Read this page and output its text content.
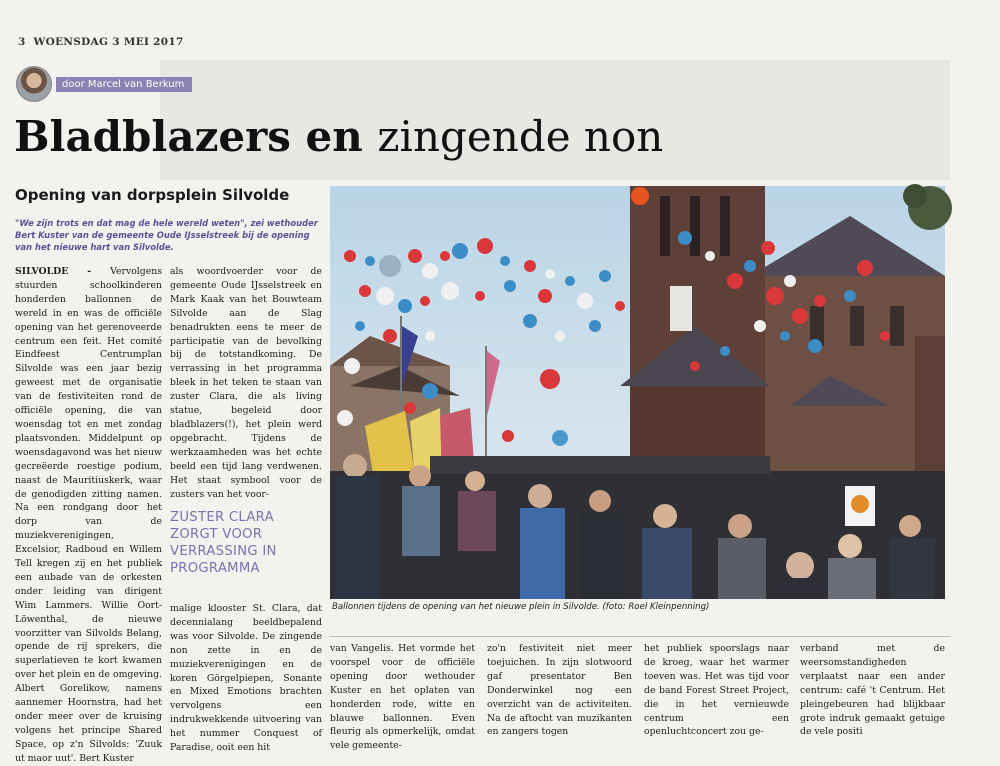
3 WOENSDAG 3 MEI 2017
door Marcel van Berkum
Bladblazers en zingende non
Opening van dorpsplein Silvolde
"We zijn trots en dat mag de hele wereld weten", zei wethouder Bert Kuster van de gemeente Oude IJsselstreek bij de opening van het nieuwe hart van Silvolde.
SILVOLDE - Vervolgens stuurden schoolkinderen honderden ballonnen de wereld in en was de officiële opening van het gerenoveerde centrum een feit. Het comité Eindfeest Centrumplan Silvolde was een jaar bezig geweest met de organisatie van de festiviteiten rond de officiële opening, die van woensdag tot en met zondag plaatsvonden. Middelpunt op woensdagavond was het nieuw gecreëerde roestige podium, naast de Mauritiuskerk, waar de genodigden zitting namen. Na een rondgang door het dorp van de muziekverenigingen, Excelsior, Radboud en Willem Tell kregen zij en het publiek een aubade van de orkesten onder leiding van dirigent Wim Lammers. Willie Oort-Löwenthal, de nieuwe voorzitter van Silvolds Belang, opende de rij sprekers, die superlatieven te kort kwamen over het plein en de omgeving. Albert Gorelikow, namens aannemer Hoornstra, had het onder meer over de kruising volgens het principe Shared Space, op z'n Silvolds: 'Zuuk ut maor uut'. Bert Kuster
als woordvoerder voor de gemeente Oude IJsselstreek en Mark Kaak van het Bouwteam Silvolde aan de Slag benadrukten eens te meer de participatie van de bevolking bij de totstandkoming. De verrassing in het programma bleek in het teken te staan van zuster Clara, die als living statue, begeleid door bladblazers(!), het plein werd opgebracht. Tijdens de werkzaamheden was het echte beeld een tijd lang verdwenen. Het staat symbool voor de zusters van het voor-
ZUSTER CLARA ZORGT VOOR VERRASSING IN PROGRAMMA
malige klooster St. Clara, dat decennialang beeldbepalend was voor Silvolde. De zingende non zette in en de muziekverenigingen en de koren Görgelpiepen, Sonante en Mixed Emotions brachten vervolgens een indrukwekkende uitvoering van het nummer Conquest of Paradise, ooit een hit
van Vangelis. Het vormde het voorspel voor de officiële opening door wethouder Kuster en het oplaten van honderden rode, witte en blauwe ballonnen. Even fleurig als opmerkelijk, omdat vele gemeente-
zo'n festiviteit niet meer toejuichen. In zijn slotwoord gaf presentator Ben Donderwinkel nog een overzicht van de activiteiten. Na de aftocht van muzikanten en zangers togen
het publiek spoorslags naar de kroeg, waar het warmer toeven was. Het was tijd voor de band Forest Street Project, die in het vernieuwde centrum een openluchtconcert zou ge-
verband met de weersomstandigheden verplaatst naar een ander centrum: café 't Centrum. Het pleingebeuren had blijkbaar grote indruk gemaakt getuige de vele positi
Ballonnen tijdens de opening van het nieuwe plein in Silvolde. (foto: Roel Kleinpenning)
